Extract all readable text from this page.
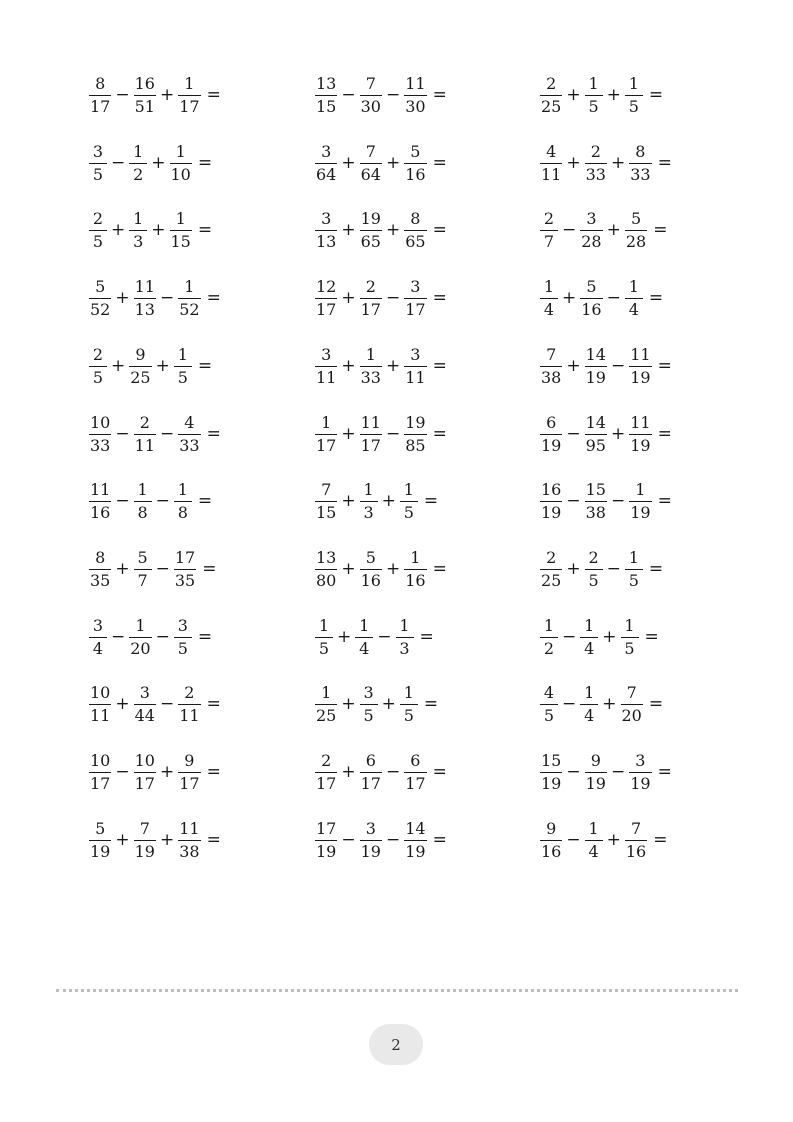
$\frac{8}{17} - \frac{16}{51} + \frac{1}{17}$ =	$\frac{13}{15} - \frac{7}{30} - \frac{11}{30}$ =	$\frac{2}{25} + \frac{1}{5} + \frac{1}{5}$ =
$\frac{3}{5} - \frac{1}{2} + \frac{1}{10}$ =	$\frac{3}{64} + \frac{7}{64} + \frac{5}{16}$ =	$\frac{4}{11} + \frac{2}{33} + \frac{8}{33}$ =
$\frac{2}{5} + \frac{1}{3} + \frac{1}{15}$ =	$\frac{3}{13} + \frac{19}{65} + \frac{8}{65}$ =	$\frac{2}{7} - \frac{3}{28} + \frac{5}{28}$ =
$\frac{5}{52} + \frac{11}{13} - \frac{1}{52}$ =	$\frac{12}{17} + \frac{2}{17} - \frac{3}{17}$ =	$\frac{1}{4} + \frac{5}{16} - \frac{1}{4}$ =
$\frac{2}{5} + \frac{9}{25} + \frac{1}{5}$ =	$\frac{3}{11} + \frac{1}{33} + \frac{3}{11}$ =	$\frac{7}{38} + \frac{14}{19} - \frac{11}{19}$ =
$\frac{10}{33} - \frac{2}{11} - \frac{4}{33}$ =	$\frac{1}{17} + \frac{11}{17} - \frac{19}{85}$ =	$\frac{6}{19} - \frac{14}{95} + \frac{11}{19}$ =
$\frac{11}{16} - \frac{1}{8} - \frac{1}{8}$ =	$\frac{7}{15} + \frac{1}{3} + \frac{1}{5}$ =	$\frac{16}{19} - \frac{15}{38} - \frac{1}{19}$ =
$\frac{8}{35} + \frac{5}{7} - \frac{17}{35}$ =	$\frac{13}{80} + \frac{5}{16} + \frac{1}{16}$ =	$\frac{2}{25} + \frac{2}{5} - \frac{1}{5}$ =
$\frac{3}{4} - \frac{1}{20} - \frac{3}{5}$ =	$\frac{1}{5} + \frac{1}{4} - \frac{1}{3}$ =	$\frac{1}{2} - \frac{1}{4} + \frac{1}{5}$ =
$\frac{10}{11} + \frac{3}{44} - \frac{2}{11}$ =	$\frac{1}{25} + \frac{3}{5} + \frac{1}{5}$ =	$\frac{4}{5} - \frac{1}{4} + \frac{7}{20}$ =
$\frac{10}{17} - \frac{10}{17} + \frac{9}{17}$ =	$\frac{2}{17} + \frac{6}{17} - \frac{6}{17}$ =	$\frac{15}{19} - \frac{9}{19} - \frac{3}{19}$ =
$\frac{5}{19} + \frac{7}{19} + \frac{11}{38}$ =	$\frac{17}{19} - \frac{3}{19} - \frac{14}{19}$ =	$\frac{9}{16} - \frac{1}{4} + \frac{7}{16}$ =
2
